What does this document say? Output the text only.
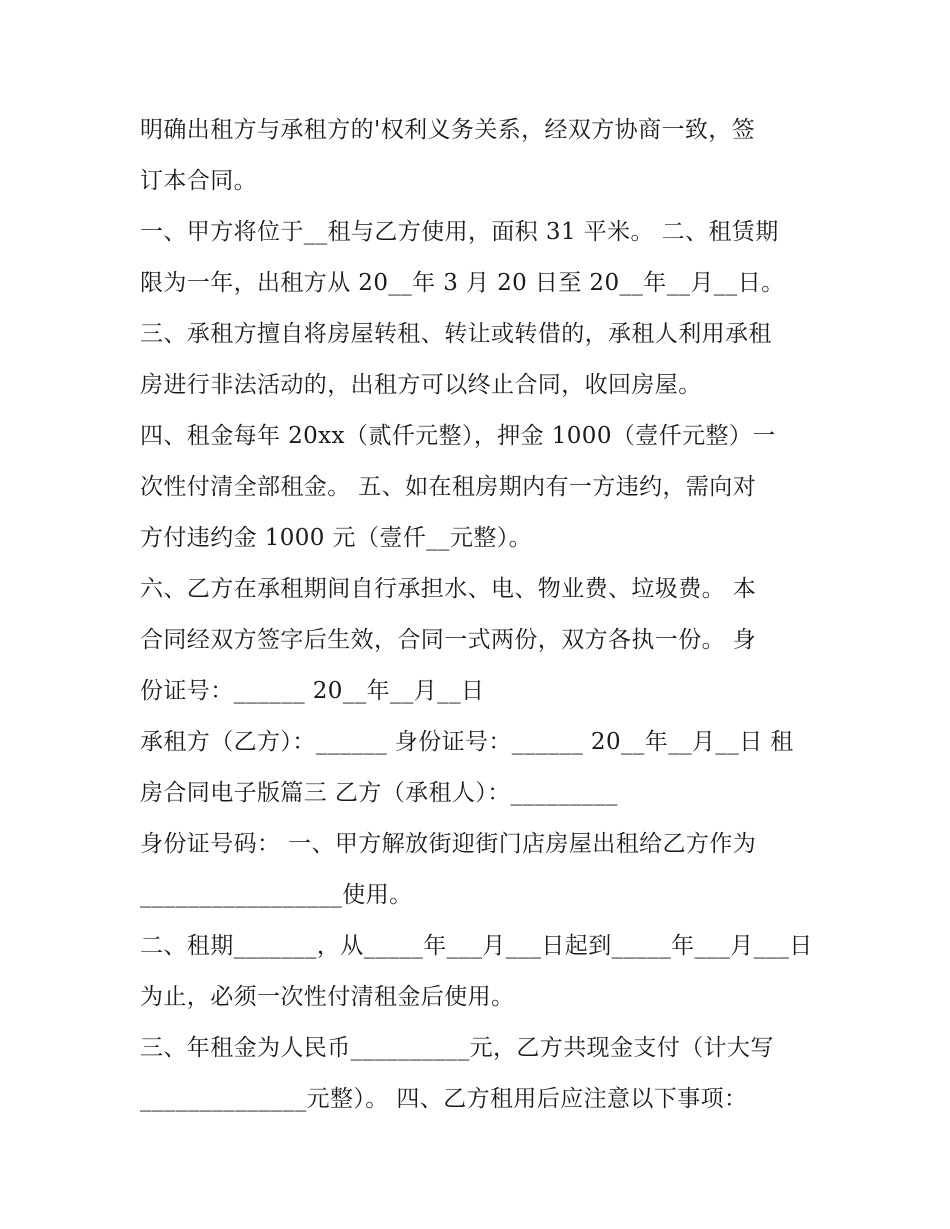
明确出租方与承租方的'权利义务关系，经双方协商一致，签
订本合同。
一、甲方将位于__租与乙方使用，面积 31 平米。 二、租赁期
限为一年，出租方从 20__年 3 月 20 日至 20__年__月__日。
三、承租方擅自将房屋转租、转让或转借的，承租人利用承租
房进行非法活动的，出租方可以终止合同，收回房屋。
四、租金每年 20xx（贰仟元整），押金 1000（壹仟元整）一
次性付清全部租金。 五、如在租房期内有一方违约，需向对
方付违约金 1000 元（壹仟__元整）。
六、乙方在承租期间自行承担水、电、物业费、垃圾费。 本
合同经双方签字后生效，合同一式两份，双方各执一份。 身
份证号：______ 20__年__月__日
承租方（乙方）：______ 身份证号：______ 20__年__月__日 租
房合同电子版篇三 乙方（承租人）：_________
身份证号码： 一、甲方解放街迎街门店房屋出租给乙方作为
_________________使用。
二、租期_______，从_____年___月___日起到_____年___月___日
为止，必须一次性付清租金后使用。
三、年租金为人民币__________元，乙方共现金支付（计大写
______________元整）。 四、乙方租用后应注意以下事项：
